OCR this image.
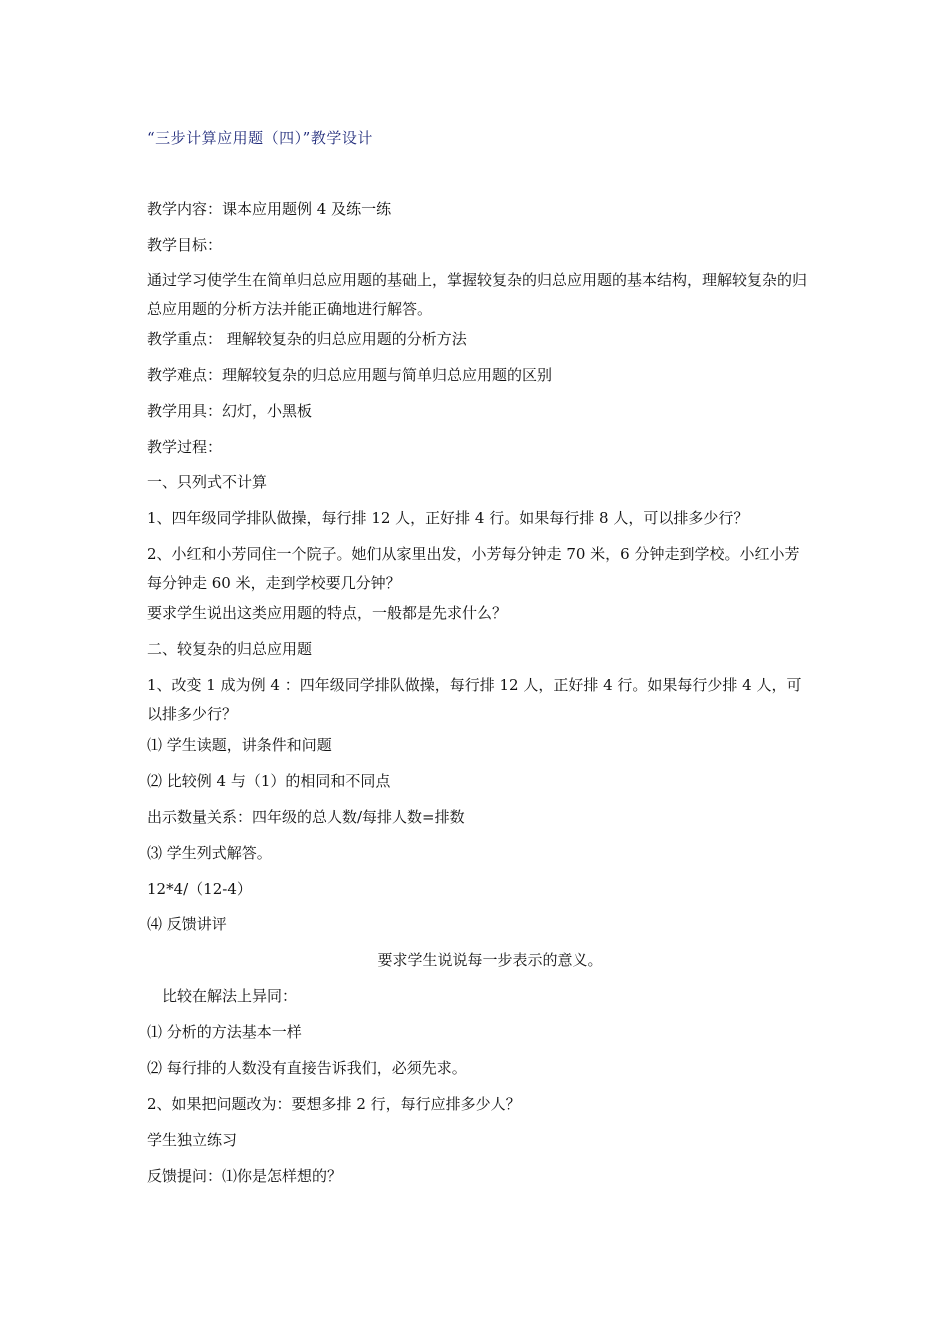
“三步计算应用题（四）”教学设计

教学内容：课本应用题例 4 及练一练

教学目标：

通过学习使学生在简单归总应用题的基础上，掌握较复杂的归总应用题的基本结构，理解较复杂的归总应用题的分析方法并能正确地进行解答。

教学重点： 理解较复杂的归总应用题的分析方法

教学难点：理解较复杂的归总应用题与简单归总应用题的区别

教学用具：幻灯，小黑板

教学过程：

一、只列式不计算

1、四年级同学排队做操，每行排 12 人，正好排 4 行。如果每行排 8 人，可以排多少行？

2、小红和小芳同住一个院子。她们从家里出发，小芳每分钟走 70 米，6 分钟走到学校。小红小芳每分钟走 60 米，走到学校要几分钟？

要求学生说出这类应用题的特点，一般都是先求什么？

二、较复杂的归总应用题

1、改变 1 成为例 4 ：四年级同学排队做操，每行排 12 人，正好排 4 行。如果每行少排 4 人，可以排多少行？

⑴ 学生读题，讲条件和问题

⑵ 比较例 4 与（1）的相同和不同点

出示数量关系：四年级的总人数/每排人数=排数

⑶ 学生列式解答。

12*4/（12-4）

⑷ 反馈讲评

要求学生说说每一步表示的意义。

比较在解法上异同：

⑴ 分析的方法基本一样

⑵ 每行排的人数没有直接告诉我们，必须先求。

2、如果把问题改为：要想多排 2 行，每行应排多少人？

学生独立练习

反馈提问：⑴你是怎样想的？
